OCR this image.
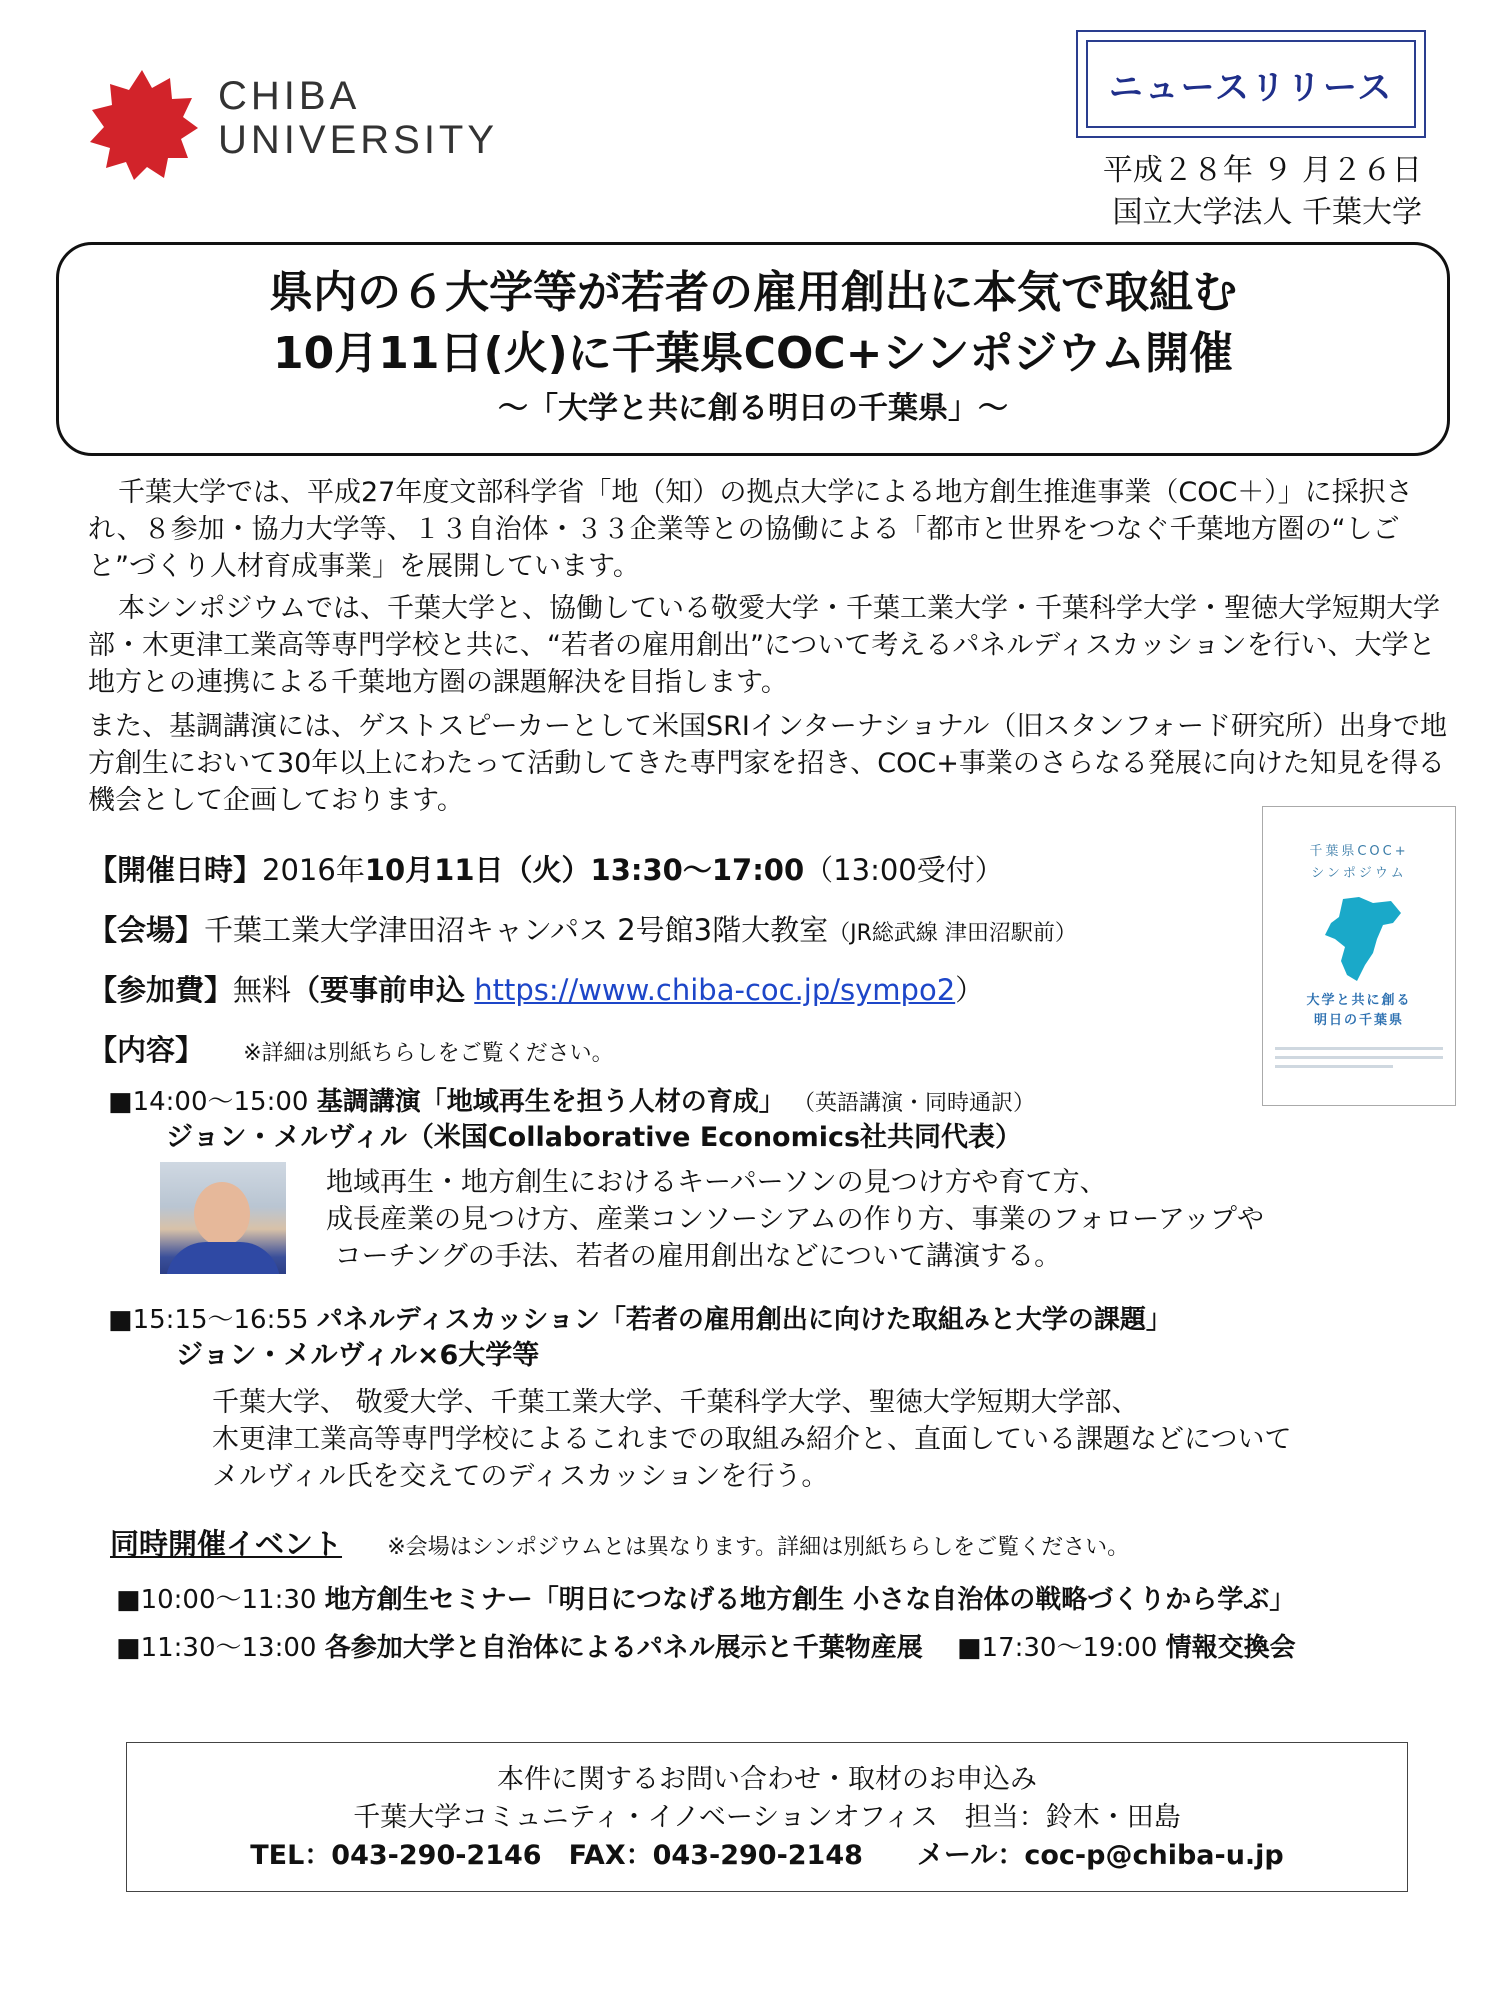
CHIBA
UNIVERSITY
ニュースリリース
平成２８年 ９ 月２６日
国立大学法人 千葉大学
県内の６大学等が若者の雇用創出に本気で取組む
10月11日(火)に千葉県COC+シンポジウム開催
～「大学と共に創る明日の千葉県」～
千葉大学では、平成27年度文部科学省「地（知）の拠点大学による地方創生推進事業（COC＋）」に採択され、８参加・協力大学等、１３自治体・３３企業等との協働による「都市と世界をつなぐ千葉地方圏の“しごと”づくり人材育成事業」を展開しています。
本シンポジウムでは、千葉大学と、協働している敬愛大学・千葉工業大学・千葉科学大学・聖徳大学短期大学部・木更津工業高等専門学校と共に、“若者の雇用創出”について考えるパネルディスカッションを行い、大学と地方との連携による千葉地方圏の課題解決を目指します。
また、基調講演には、ゲストスピーカーとして米国SRIインターナショナル（旧スタンフォード研究所）出身で地方創生において30年以上にわたって活動してきた専門家を招き、COC+事業のさらなる発展に向けた知見を得る機会として企画しております。
千葉県COC+
シンポジウム
大学と共に創る
明日の千葉県
【開催日時】2016年10月11日（火）13:30～17:00（13:00受付）
【会場】千葉工業大学津田沼キャンパス 2号館3階大教室（JR総武線 津田沼駅前）
【参加費】無料（要事前申込 https://www.chiba-coc.jp/sympo2）
【内容】 ※詳細は別紙ちらしをご覧ください。
■14:00～15:00 基調講演「地域再生を担う人材の育成」 （英語講演・同時通訳）
ジョン・メルヴィル（米国Collaborative Economics社共同代表）
地域再生・地方創生におけるキーパーソンの見つけ方や育て方、
成長産業の見つけ方、産業コンソーシアムの作り方、事業のフォローアップや
コーチングの手法、若者の雇用創出などについて講演する。
■15:15～16:55 パネルディスカッション「若者の雇用創出に向けた取組みと大学の課題」
ジョン・メルヴィル×6大学等
千葉大学、 敬愛大学、千葉工業大学、千葉科学大学、聖徳大学短期大学部、
木更津工業高等専門学校によるこれまでの取組み紹介と、直面している課題などについて
メルヴィル氏を交えてのディスカッションを行う。
同時開催イベント ※会場はシンポジウムとは異なります。詳細は別紙ちらしをご覧ください。
■10:00～11:30 地方創生セミナー「明日につなげる地方創生 小さな自治体の戦略づくりから学ぶ」
■11:30～13:00 各参加大学と自治体によるパネル展示と千葉物産展 ■17:30～19:00 情報交換会
本件に関するお問い合わせ・取材のお申込み
千葉大学コミュニティ・イノベーションオフィス　担当：鈴木・田島
TEL：043-290-2146　FAX：043-290-2148　　メール：coc-p@chiba-u.jp
